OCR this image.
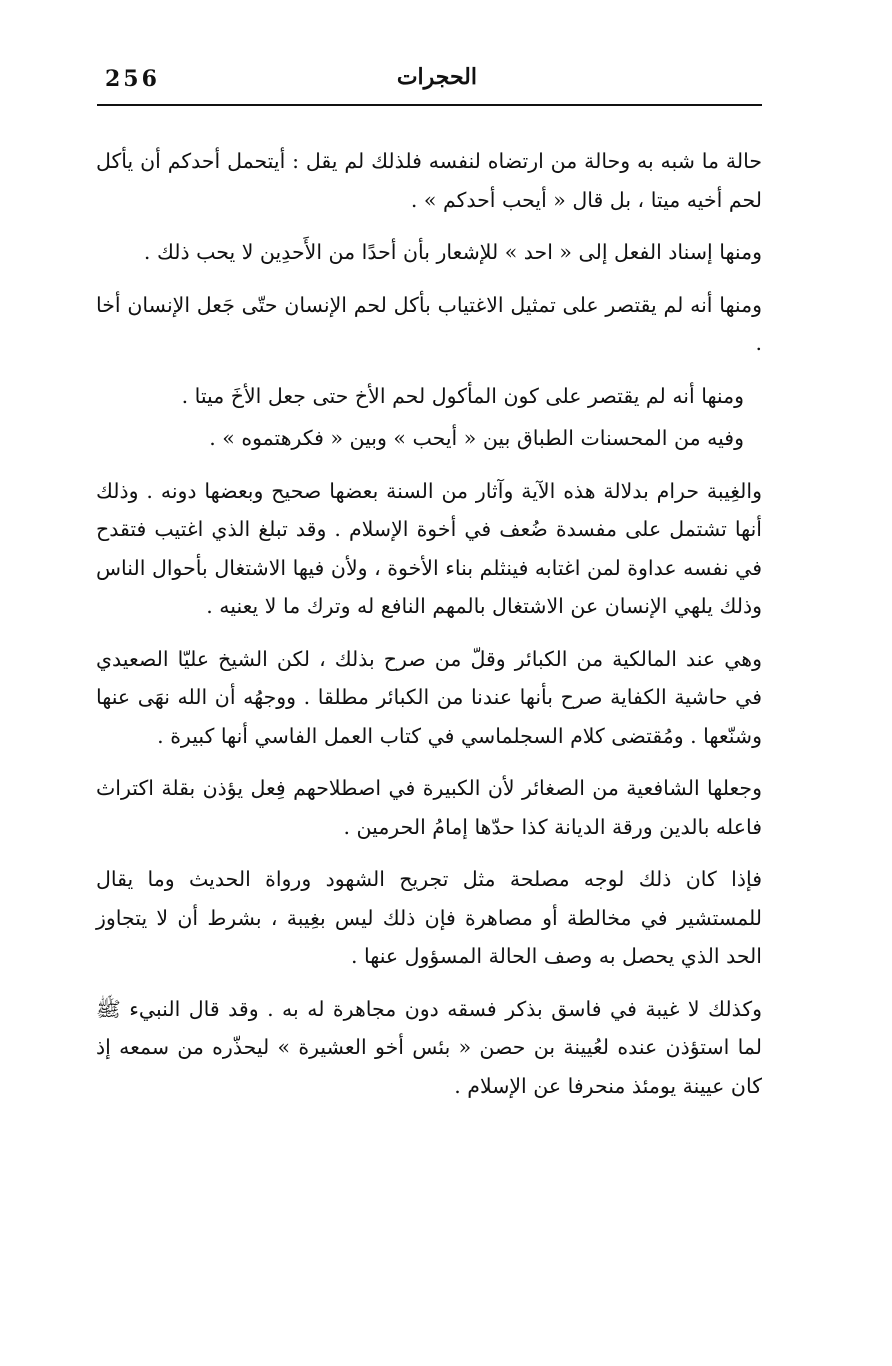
256	الحجرات

حالة ما شبه به وحالة من ارتضاه لنفسه فلذلك لم يقل : أيتحمل أحدكم أن يأكل لحم أخيه ميتا ، بل قال « أيحب أحدكم » .

ومنها إسناد الفعل إلى « احد » للإشعار بأن أحدًا من الأَحدِين لا يحب ذلك .

ومنها أنه لم يقتصر على تمثيل الاغتياب بأكل لحم الإنسان حتّى جَعل الإنسان أخا .

ومنها أنه لم يقتصر على كون المأكول لحم الأخ حتى جعل الأخَ ميتا .

وفيه من المحسنات الطباق بين « أيحب » وبين « فكرهتموه » .

والغِيبة حرام بدلالة هذه الآية وآثار من السنة بعضها صحيح وبعضها دونه . وذلك أنها تشتمل على مفسدة ضُعف في أخوة الإسلام . وقد تبلغ الذي اغتيب فتقدح في نفسه عداوة لمن اغتابه فينثلم بناء الأخوة ، ولأن فيها الاشتغال بأحوال الناس وذلك يلهي الإنسان عن الاشتغال بالمهم النافع له وترك ما لا يعنيه .

وهي عند المالكية من الكبائر وقلّ من صرح بذلك ، لكن الشيخ عليّا الصعيدي في حاشية الكفاية صرح بأنها عندنا من الكبائر مطلقا . ووجهُه أن الله نهَى عنها وشنّعها . ومُقتضى كلام السجلماسي في كتاب العمل الفاسي أنها كبيرة .

وجعلها الشافعية من الصغائر لأن الكبيرة في اصطلاحهم فِعل يؤذن بقلة اكتراث فاعله بالدين ورقة الديانة كذا حدّها إمامُ الحرمين .

فإذا كان ذلك لوجه مصلحة مثل تجريح الشهود ورواة الحديث وما يقال للمستشير في مخالطة أو مصاهرة فإن ذلك ليس بغِيبة ، بشرط أن لا يتجاوز الحد الذي يحصل به وصف الحالة المسؤول عنها .

وكذلك لا غيبة في فاسق بذكر فسقه دون مجاهرة له به . وقد قال النبيء ﷺ لما استؤذن عنده لعُيينة بن حصن « بئس أخو العشيرة » ليحذّره من سمعه إذ كان عيينة يومئذ منحرفا عن الإسلام .
